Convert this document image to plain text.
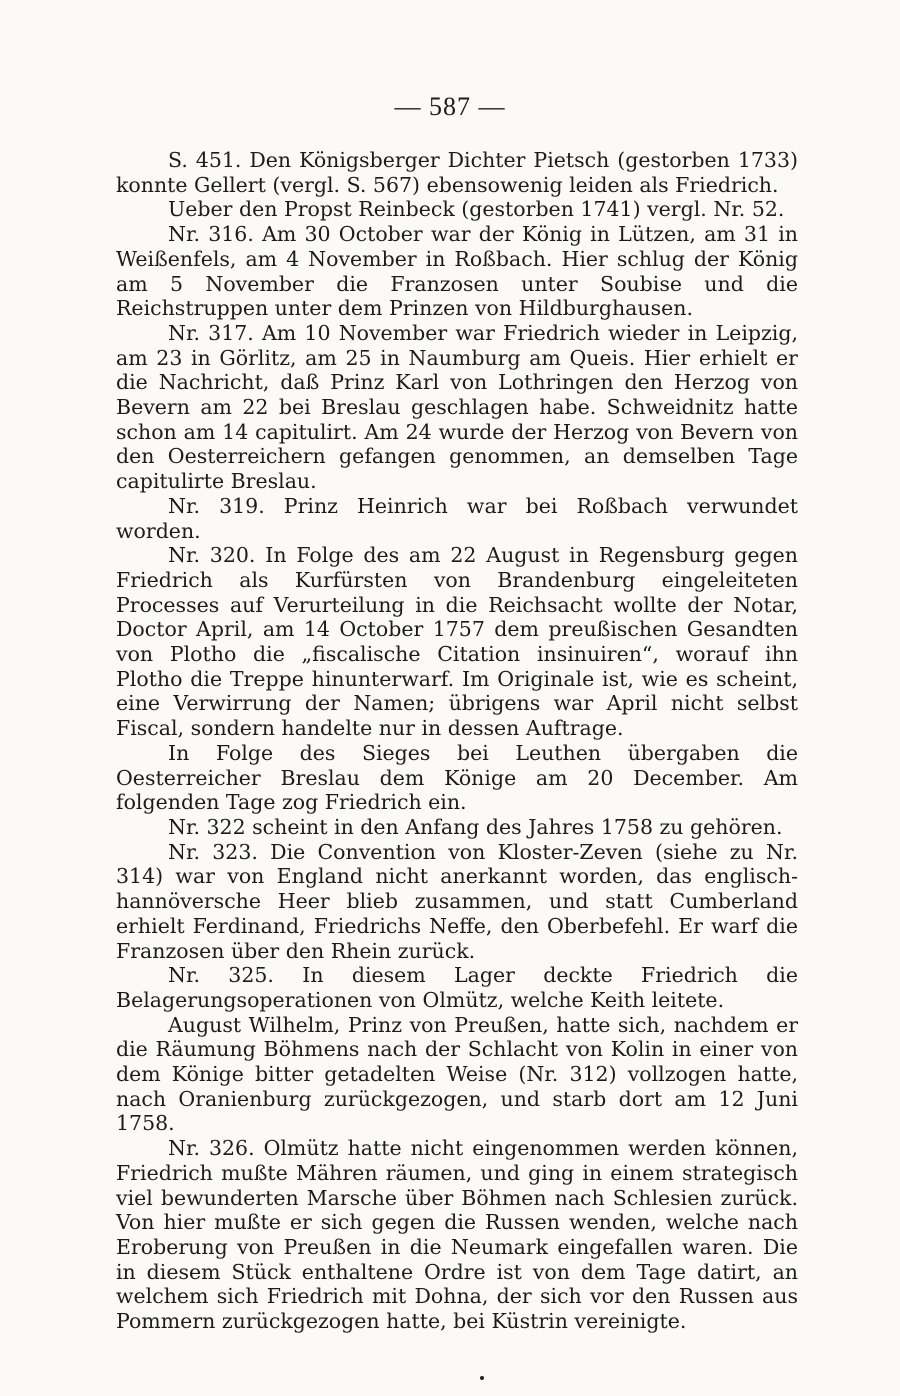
— 587 —

S. 451. Den Königsberger Dichter Pietsch (gestorben 1733) konnte Gellert (vergl. S. 567) ebensowenig leiden als Friedrich.

Ueber den Propst Reinbeck (gestorben 1741) vergl. Nr. 52.

Nr. 316. Am 30 October war der König in Lützen, am 31 in Weißenfels, am 4 November in Roßbach. Hier schlug der König am 5 November die Franzosen unter Soubise und die Reichstruppen unter dem Prinzen von Hildburghausen.

Nr. 317. Am 10 November war Friedrich wieder in Leipzig, am 23 in Görlitz, am 25 in Naumburg am Queis. Hier erhielt er die Nachricht, daß Prinz Karl von Lothringen den Herzog von Bevern am 22 bei Breslau geschlagen habe. Schweidnitz hatte schon am 14 capitulirt. Am 24 wurde der Herzog von Bevern von den Oesterreichern gefangen genommen, an demselben Tage capitulirte Breslau.

Nr. 319. Prinz Heinrich war bei Roßbach verwundet worden.

Nr. 320. In Folge des am 22 August in Regensburg gegen Friedrich als Kurfürsten von Brandenburg eingeleiteten Processes auf Verurteilung in die Reichsacht wollte der Notar, Doctor April, am 14 October 1757 dem preußischen Gesandten von Plotho die „fiscalische Citation insinuiren“, worauf ihn Plotho die Treppe hinunterwarf. Im Originale ist, wie es scheint, eine Verwirrung der Namen; übrigens war April nicht selbst Fiscal, sondern handelte nur in dessen Auftrage.

In Folge des Sieges bei Leuthen übergaben die Oesterreicher Breslau dem Könige am 20 December. Am folgenden Tage zog Friedrich ein.

Nr. 322 scheint in den Anfang des Jahres 1758 zu gehören.

Nr. 323. Die Convention von Kloster-Zeven (siehe zu Nr. 314) war von England nicht anerkannt worden, das englisch-hannöversche Heer blieb zusammen, und statt Cumberland erhielt Ferdinand, Friedrichs Neffe, den Oberbefehl. Er warf die Franzosen über den Rhein zurück.

Nr. 325. In diesem Lager deckte Friedrich die Belagerungsoperationen von Olmütz, welche Keith leitete.

August Wilhelm, Prinz von Preußen, hatte sich, nachdem er die Räumung Böhmens nach der Schlacht von Kolin in einer von dem Könige bitter getadelten Weise (Nr. 312) vollzogen hatte, nach Oranienburg zurückgezogen, und starb dort am 12 Juni 1758.

Nr. 326. Olmütz hatte nicht eingenommen werden können, Friedrich mußte Mähren räumen, und ging in einem strategisch viel bewunderten Marsche über Böhmen nach Schlesien zurück. Von hier mußte er sich gegen die Russen wenden, welche nach Eroberung von Preußen in die Neumark eingefallen waren. Die in diesem Stück enthaltene Ordre ist von dem Tage datirt, an welchem sich Friedrich mit Dohna, der sich vor den Russen aus Pommern zurückgezogen hatte, bei Küstrin vereinigte.
